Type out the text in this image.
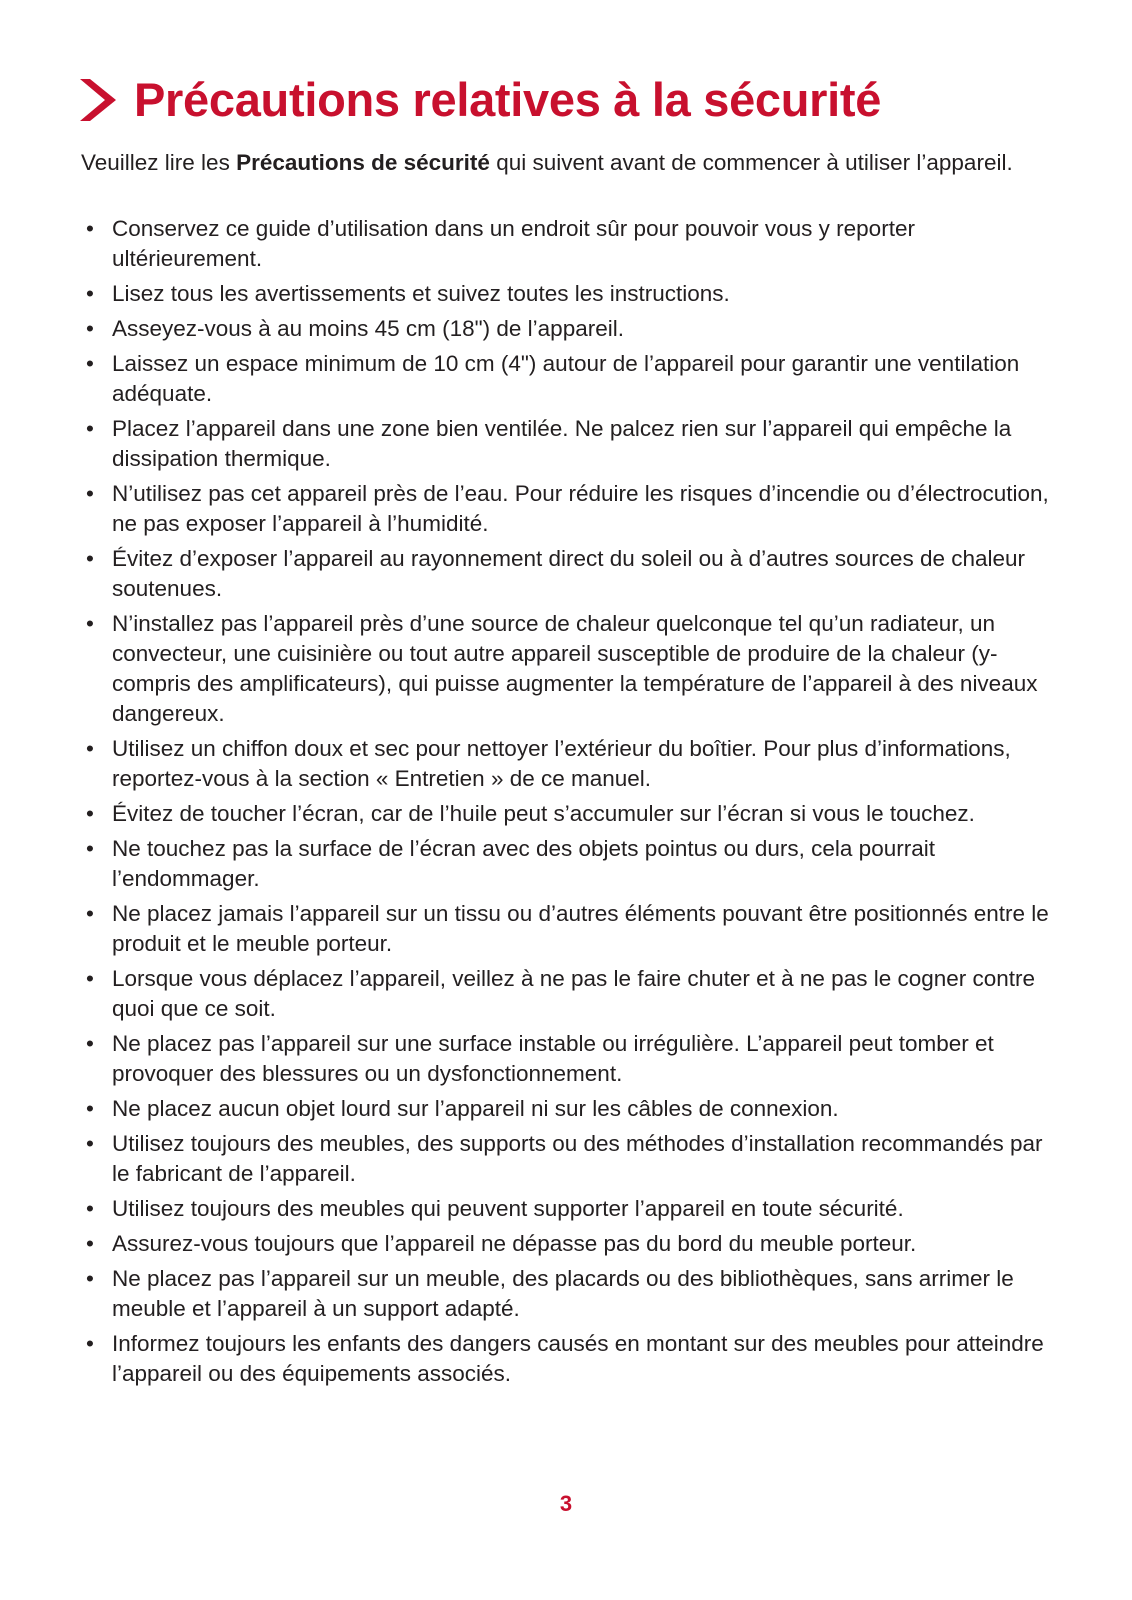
Précautions relatives à la sécurité

Veuillez lire les Précautions de sécurité qui suivent avant de commencer à utiliser l’appareil.

• Conservez ce guide d’utilisation dans un endroit sûr pour pouvoir vous y reporter ultérieurement.
• Lisez tous les avertissements et suivez toutes les instructions.
• Asseyez-vous à au moins 45 cm (18") de l’appareil.
• Laissez un espace minimum de 10 cm (4") autour de l’appareil pour garantir une ventilation adéquate.
• Placez l’appareil dans une zone bien ventilée. Ne palcez rien sur l’appareil qui empêche la dissipation thermique.
• N’utilisez pas cet appareil près de l’eau. Pour réduire les risques d’incendie ou d’électrocution, ne pas exposer l’appareil à l’humidité.
• Évitez d’exposer l’appareil au rayonnement direct du soleil ou à d’autres sources de chaleur soutenues.
• N’installez pas l’appareil près d’une source de chaleur quelconque tel qu’un radiateur, un convecteur, une cuisinière ou tout autre appareil susceptible de produire de la chaleur (y-compris des amplificateurs), qui puisse augmenter la température de l’appareil à des niveaux dangereux.
• Utilisez un chiffon doux et sec pour nettoyer l’extérieur du boîtier. Pour plus d’informations, reportez-vous à la section « Entretien » de ce manuel.
• Évitez de toucher l’écran, car de l’huile peut s’accumuler sur l’écran si vous le touchez.
• Ne touchez pas la surface de l’écran avec des objets pointus ou durs, cela pourrait l’endommager.
• Ne placez jamais l’appareil sur un tissu ou d’autres éléments pouvant être positionnés entre le produit et le meuble porteur.
• Lorsque vous déplacez l’appareil, veillez à ne pas le faire chuter et à ne pas le cogner contre quoi que ce soit.
• Ne placez pas l’appareil sur une surface instable ou irrégulière. L’appareil peut tomber et provoquer des blessures ou un dysfonctionnement.
• Ne placez aucun objet lourd sur l’appareil ni sur les câbles de connexion.
• Utilisez toujours des meubles, des supports ou des méthodes d’installation recommandés par le fabricant de l’appareil.
• Utilisez toujours des meubles qui peuvent supporter l’appareil en toute sécurité.
• Assurez-vous toujours que l’appareil ne dépasse pas du bord du meuble porteur.
• Ne placez pas l’appareil sur un meuble, des placards ou des bibliothèques, sans arrimer le meuble et l’appareil à un support adapté.
• Informez toujours les enfants des dangers causés en montant sur des meubles pour atteindre l’appareil ou des équipements associés.
3
